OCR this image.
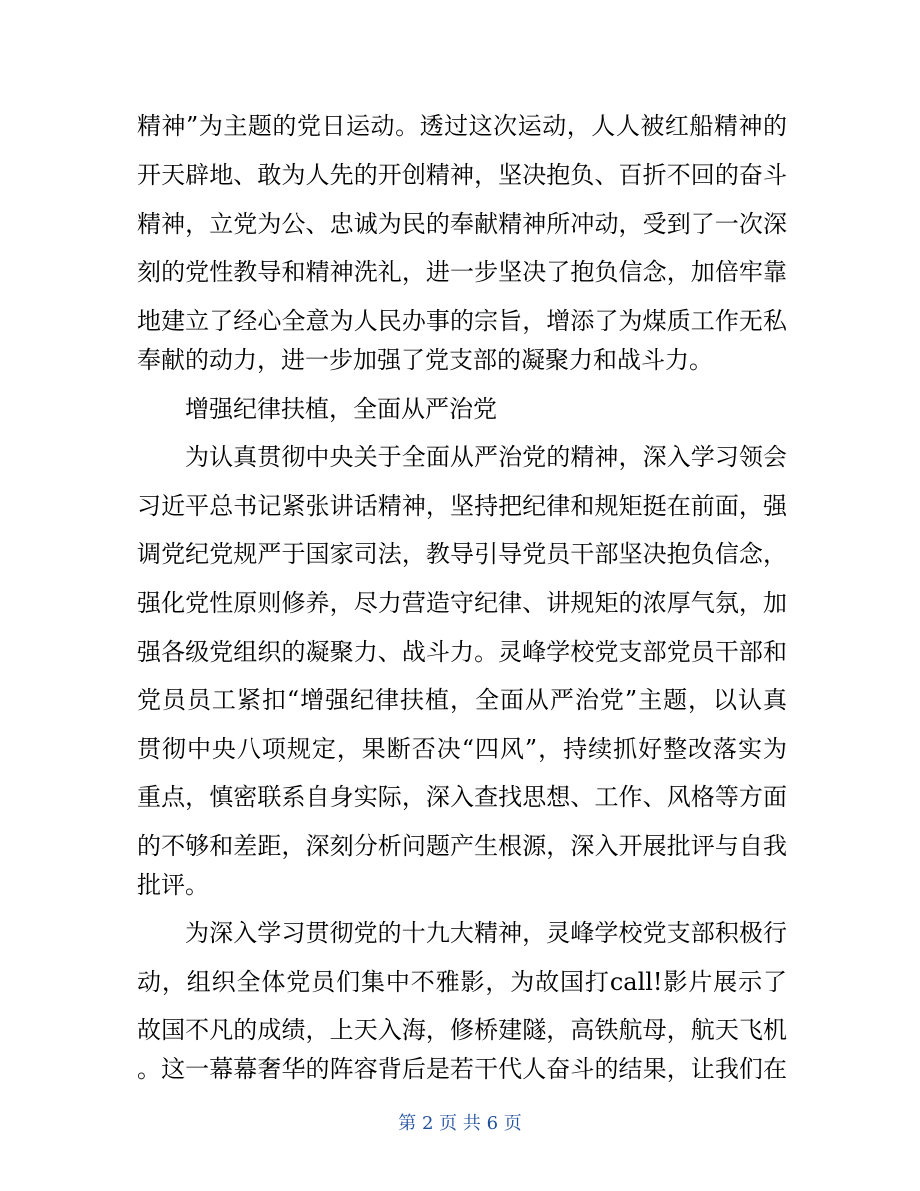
精神”为主题的党日运动。透过这次运动，人人被红船精神的
开天辟地、敢为人先的开创精神，坚决抱负、百折不回的奋斗
精神，立党为公、忠诚为民的奉献精神所冲动，受到了一次深
刻的党性教导和精神洗礼，进一步坚决了抱负信念，加倍牢靠
地建立了经心全意为人民办事的宗旨，增添了为煤质工作无私
奉献的动力，进一步加强了党支部的凝聚力和战斗力。
增强纪律扶植，全面从严治党
为认真贯彻中央关于全面从严治党的精神，深入学习领会
习近平总书记紧张讲话精神，坚持把纪律和规矩挺在前面，强
调党纪党规严于国家司法，教导引导党员干部坚决抱负信念，
强化党性原则修养，尽力营造守纪律、讲规矩的浓厚气氛，加
强各级党组织的凝聚力、战斗力。灵峰学校党支部党员干部和
党员员工紧扣“增强纪律扶植，全面从严治党”主题，以认真
贯彻中央八项规定，果断否决“四风”，持续抓好整改落实为
重点，慎密联系自身实际，深入查找思想、工作、风格等方面
的不够和差距，深刻分析问题产生根源，深入开展批评与自我
批评。
为深入学习贯彻党的十九大精神，灵峰学校党支部积极行
动，组织全体党员们集中不雅影，为故国打call!影片展示了
故国不凡的成绩，上天入海，修桥建隧，高铁航母，航天飞机
。这一幕幕奢华的阵容背后是若干代人奋斗的结果，让我们在
第 2 页 共 6 页
